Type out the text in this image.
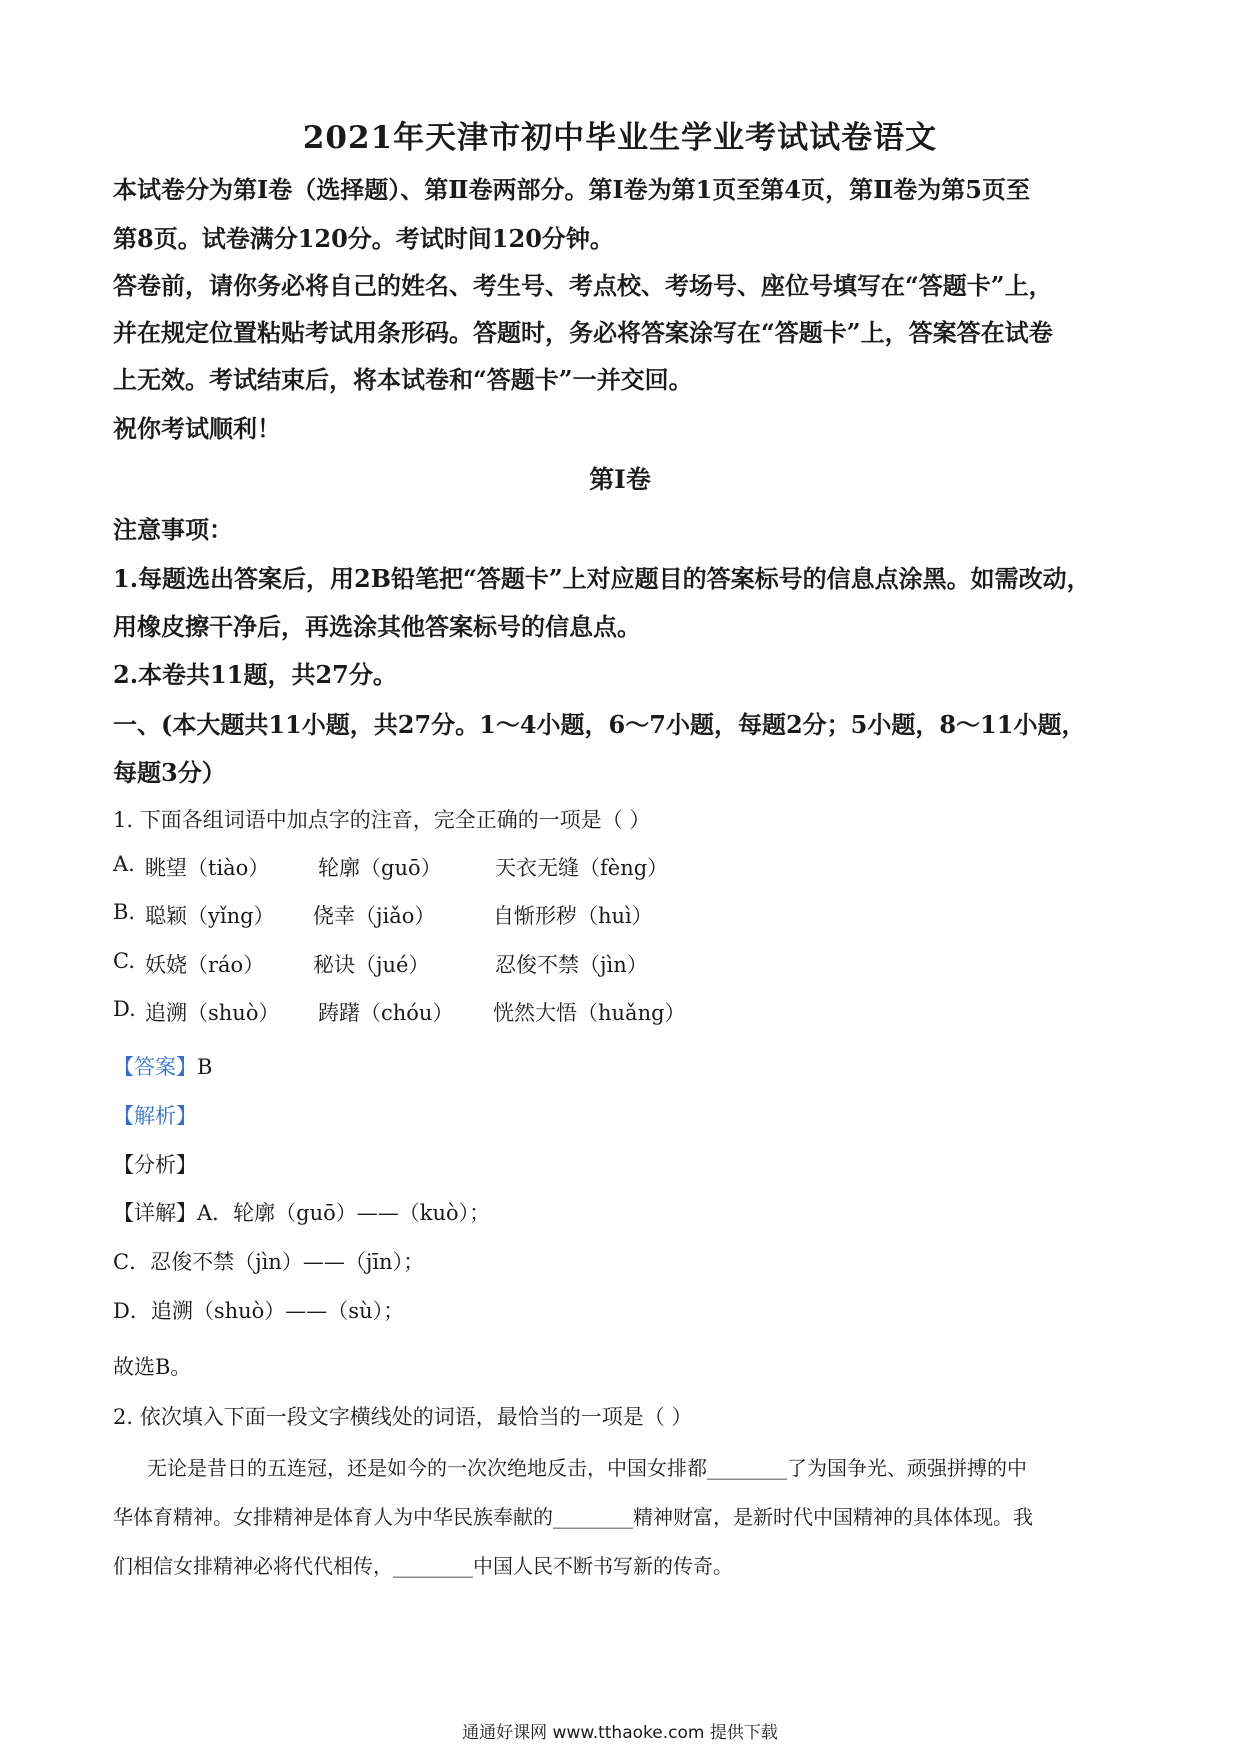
2021年天津市初中毕业生学业考试试卷语文
本试卷分为第Ⅰ卷（选择题）、第Ⅱ卷两部分。第Ⅰ卷为第1页至第4页，第Ⅱ卷为第5页至
第8页。试卷满分120分。考试时间120分钟。
答卷前，请你务必将自己的姓名、考生号、考点校、考场号、座位号填写在“答题卡”上，
并在规定位置粘贴考试用条形码。答题时，务必将答案涂写在“答题卡”上，答案答在试卷
上无效。考试结束后，将本试卷和“答题卡”一并交回。
祝你考试顺利！
第Ⅰ卷
注意事项：
1.每题选出答案后，用2B铅笔把“答题卡”上对应题目的答案标号的信息点涂黑。如需改动，
用橡皮擦干净后，再选涂其他答案标号的信息点。
2.本卷共11题，共27分。
一、(本大题共11小题，共27分。1～4小题，6～7小题，每题2分；5小题，8～11小题，
每题3分）
1. 下面各组词语中加点字的注音，完全正确的一项是（ ）
A. 眺望（tiào） 轮廓（guō）	天衣无缝（fèng）
B. 聪颖（yǐng） 侥幸（jiǎo）	自惭形秽（huì）
C. 妖娆（ráo） 秘诀（jué）	忍俊不禁（jìn）
D. 追溯（shuò） 踌躇（chóu） 恍然大悟（huǎng）
【答案】B
【解析】
【分析】
【详解】A．轮廓（guō）——（kuò）；
C．忍俊不禁（jìn）——（jīn）；
D．追溯（shuò）——（sù）；
故选B。
2. 依次填入下面一段文字横线处的词语，最恰当的一项是（ ）
无论是昔日的五连冠，还是如今的一次次绝地反击，中国女排都________了为国争光、顽强拼搏的中
华体育精神。女排精神是体育人为中华民族奉献的________精神财富，是新时代中国精神的具体体现。我
们相信女排精神必将代代相传，________中国人民不断书写新的传奇。
通通好课网 www.tthaoke.com 提供下载
